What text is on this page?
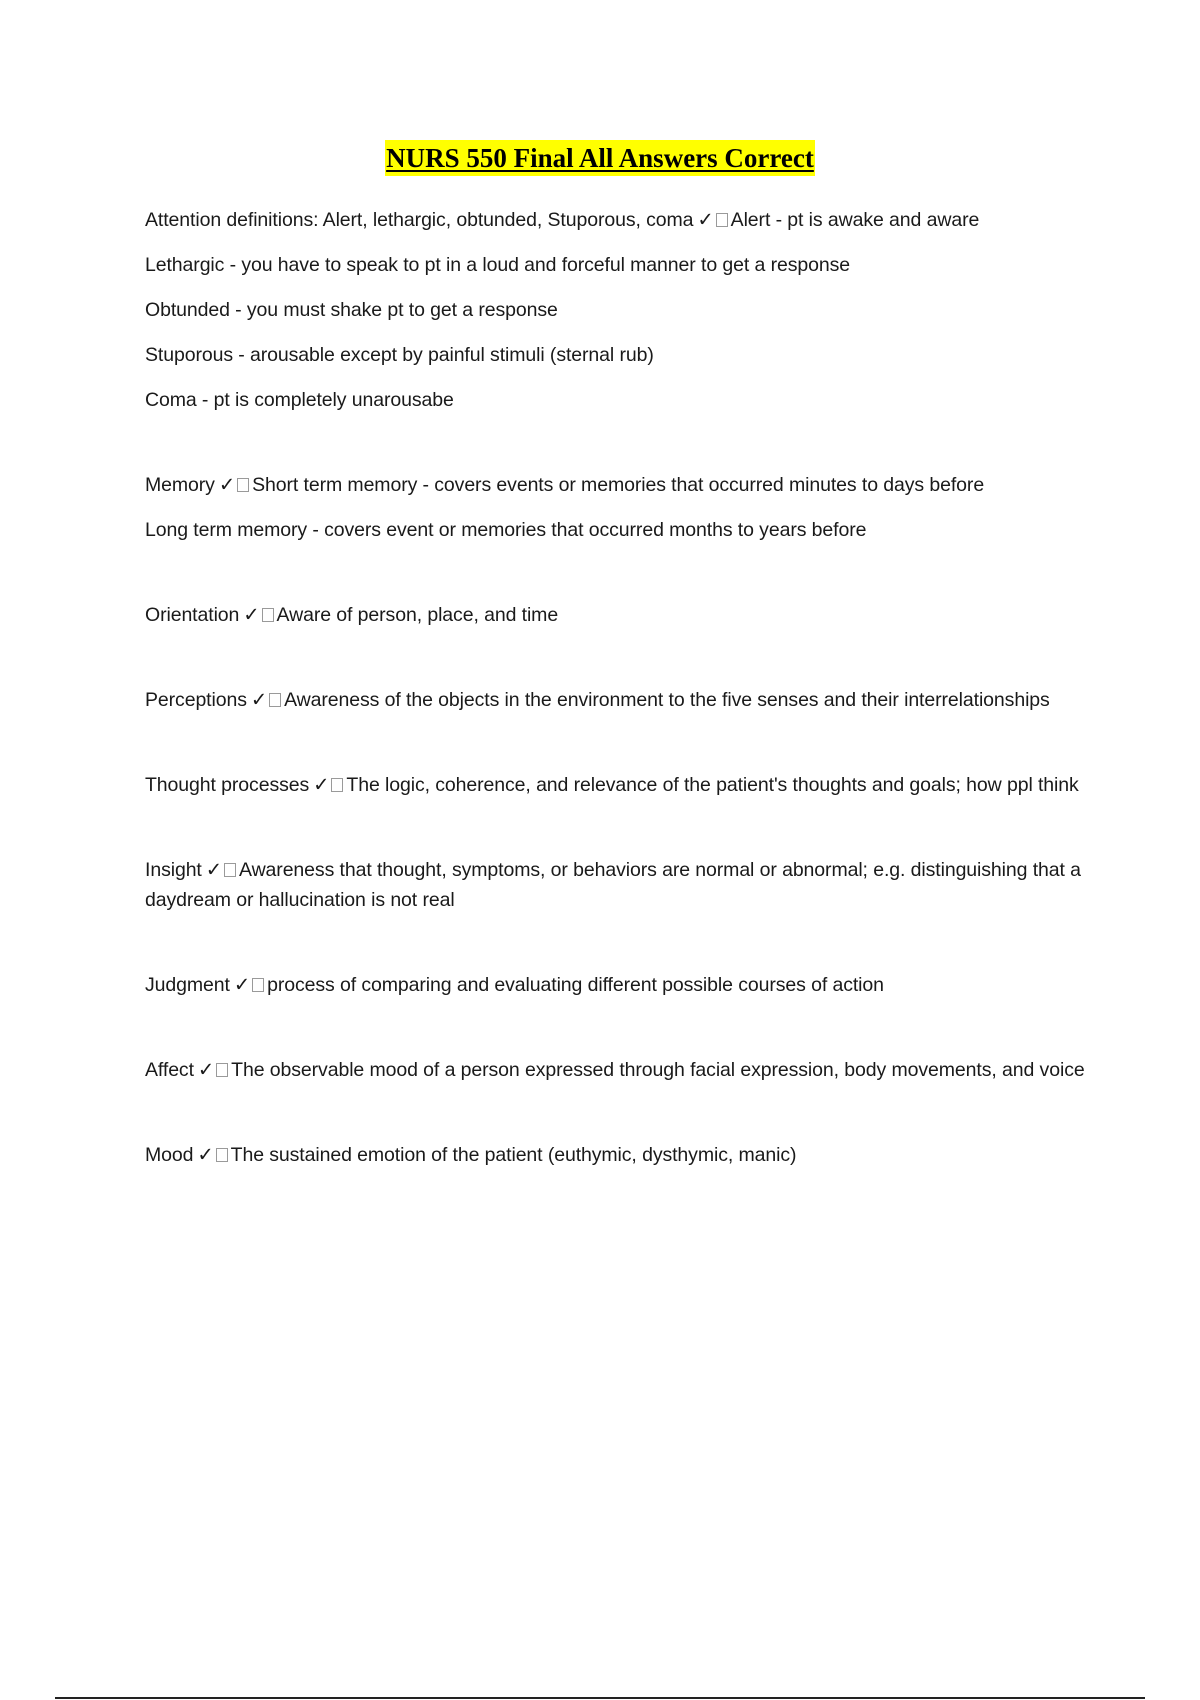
NURS 550 Final All Answers Correct
Attention definitions: Alert, lethargic, obtunded, Stuporous, coma ✓ Alert - pt is awake and aware
Lethargic - you have to speak to pt in a loud and forceful manner to get a response
Obtunded - you must shake pt to get a response
Stuporous - arousable except by painful stimuli (sternal rub)
Coma - pt is completely unarousabe
Memory ✓ Short term memory - covers events or memories that occurred minutes to days before
Long term memory - covers event or memories that occurred months to years before
Orientation ✓ Aware of person, place, and time
Perceptions ✓ Awareness of the objects in the environment to the five senses and their interrelationships
Thought processes ✓ The logic, coherence, and relevance of the patient's thoughts and goals; how ppl think
Insight ✓ Awareness that thought, symptoms, or behaviors are normal or abnormal; e.g. distinguishing that a daydream or hallucination is not real
Judgment ✓ process of comparing and evaluating different possible courses of action
Affect ✓ The observable mood of a person expressed through facial expression, body movements, and voice
Mood ✓ The sustained emotion of the patient (euthymic, dysthymic, manic)
